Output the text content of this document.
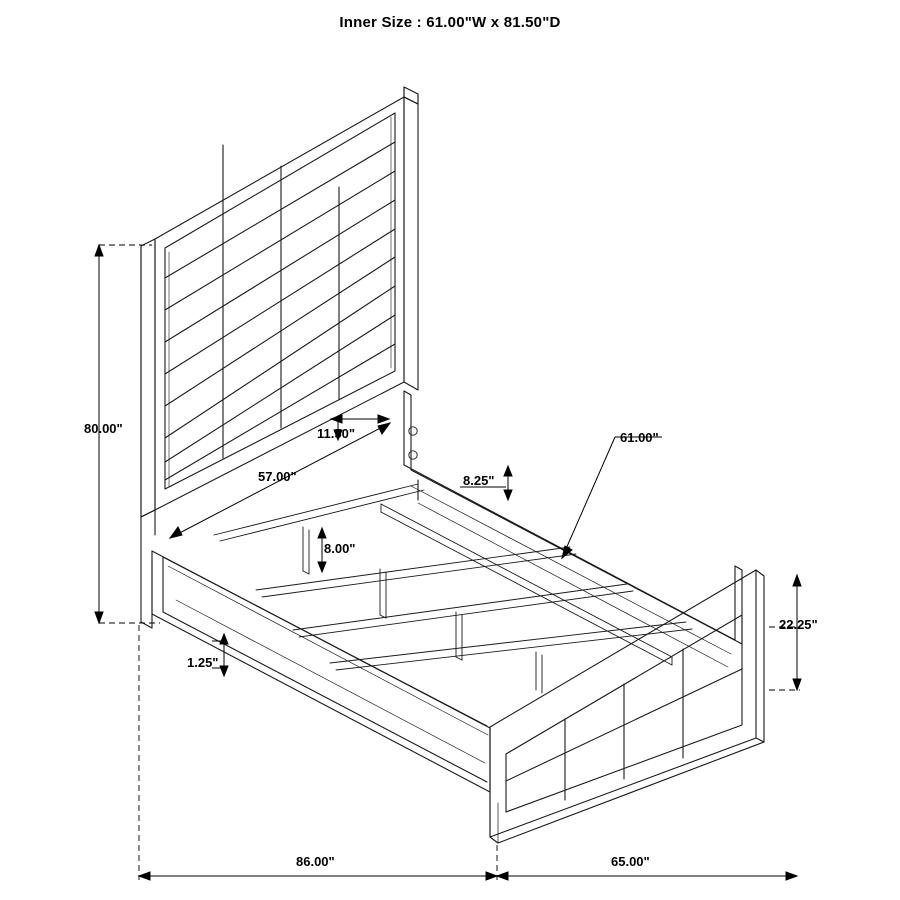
Inner Size : 61.00"W x 81.50"D
80.00"	11.50"
57.00"	8.25"
61.00"
8.00"
1.25"
22.25"
86.00"	65.00"
